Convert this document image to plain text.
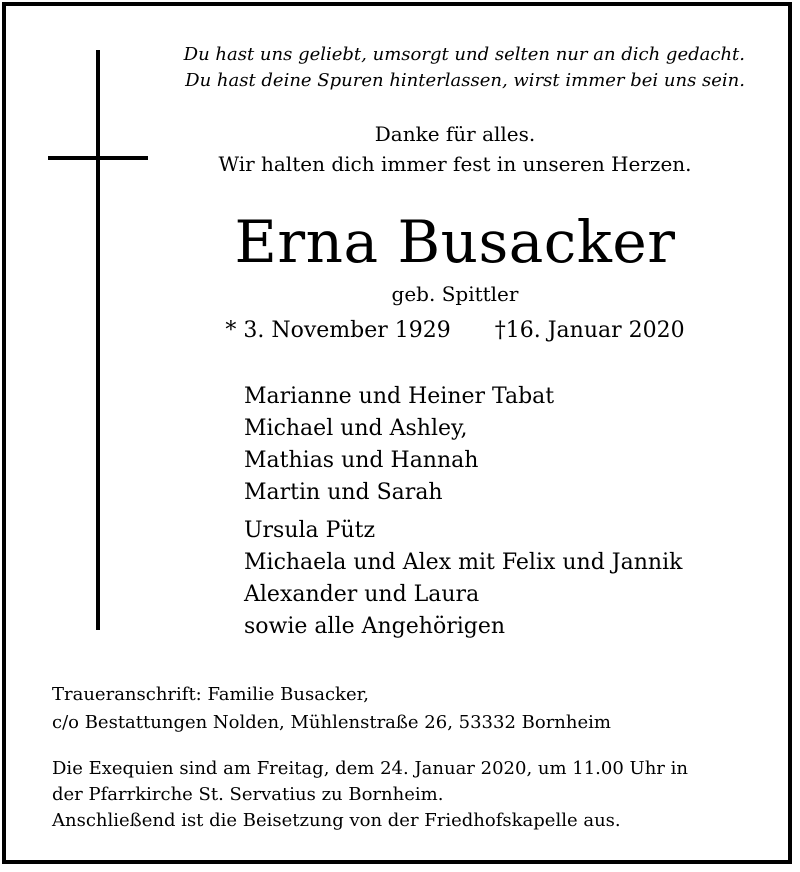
Du hast uns geliebt, umsorgt und selten nur an dich gedacht.
Du hast deine Spuren hinterlassen, wirst immer bei uns sein.
Danke für alles.
Wir halten dich immer fest in unseren Herzen.
Erna Busacker
geb. Spittler
* 3. November 1929 †16. Januar 2020
Marianne und Heiner Tabat
Michael und Ashley,
Mathias und Hannah
Martin und Sarah
Ursula Pütz
Michaela und Alex mit Felix und Jannik
Alexander und Laura
sowie alle Angehörigen
Traueranschrift: Familie Busacker,
c/o Bestattungen Nolden, Mühlenstraße 26, 53332 Bornheim
Die Exequien sind am Freitag, dem 24. Januar 2020, um 11.00 Uhr in
der Pfarrkirche St. Servatius zu Bornheim.
Anschließend ist die Beisetzung von der Friedhofskapelle aus.
